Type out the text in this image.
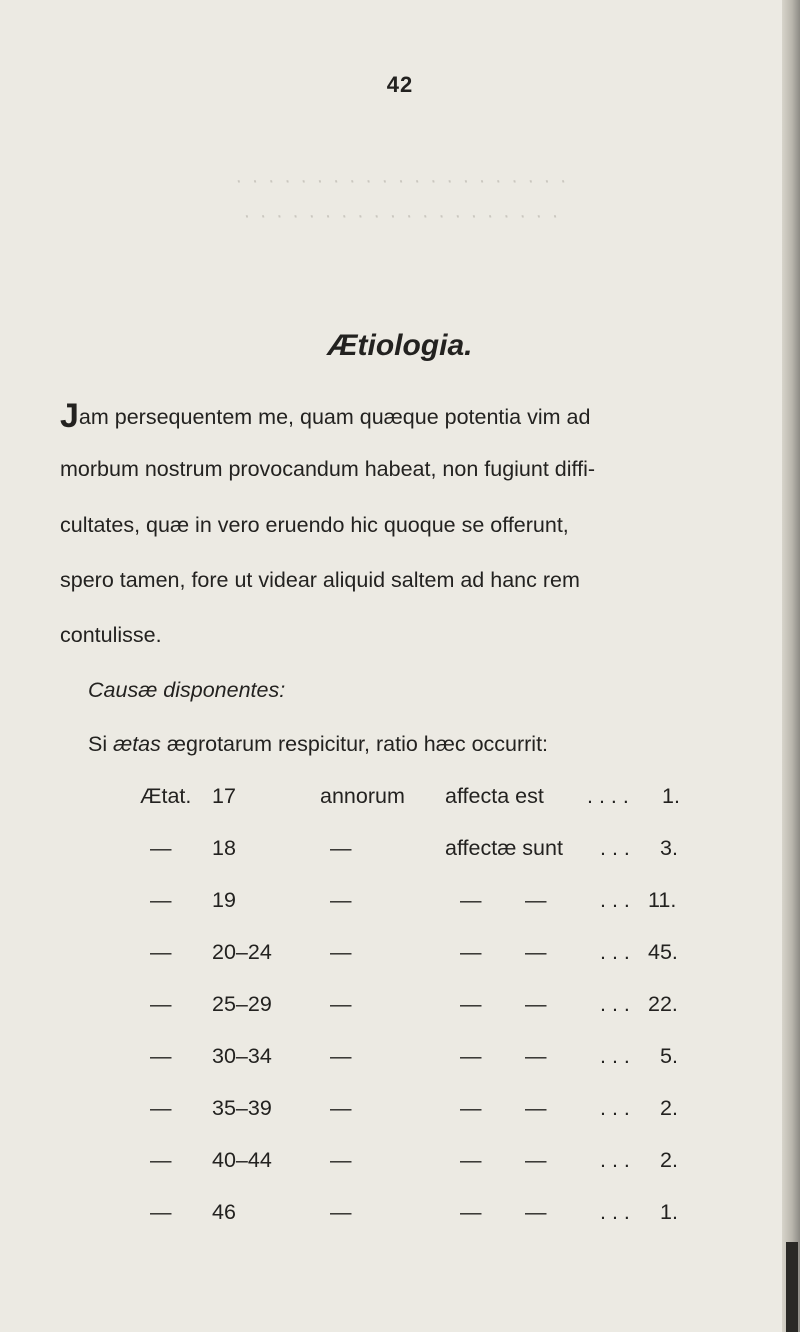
42
· · · · · · · · · · · · · · · · · · · · ·
· · · · · · · · · · · · · · · · · · · ·
Ætiologia.
Jam persequentem me, quam quæque potentia vim ad
morbum nostrum provocandum habeat, non fugiunt diffi-
cultates, quæ in vero eruendo hic quoque se offerunt,
spero tamen, fore ut videar aliquid saltem ad hanc rem
contulisse.
Causæ disponentes:
Si ætas ægrotarum respicitur, ratio hæc occurrit:
Ætat. 17	annorum affecta est . . . . 1.
— 18	—	affectæ sunt . . . 3.
— 19	—	— — . . . 11.
— 20–24	—	— — . . . 45.
— 25–29	—	— — . . . 22.
— 30–34	—	— — . . . 5.
— 35–39	—	— — . . . 2.
— 40–44	—	— — . . . 2.
— 46	—	— — . . . 1.
